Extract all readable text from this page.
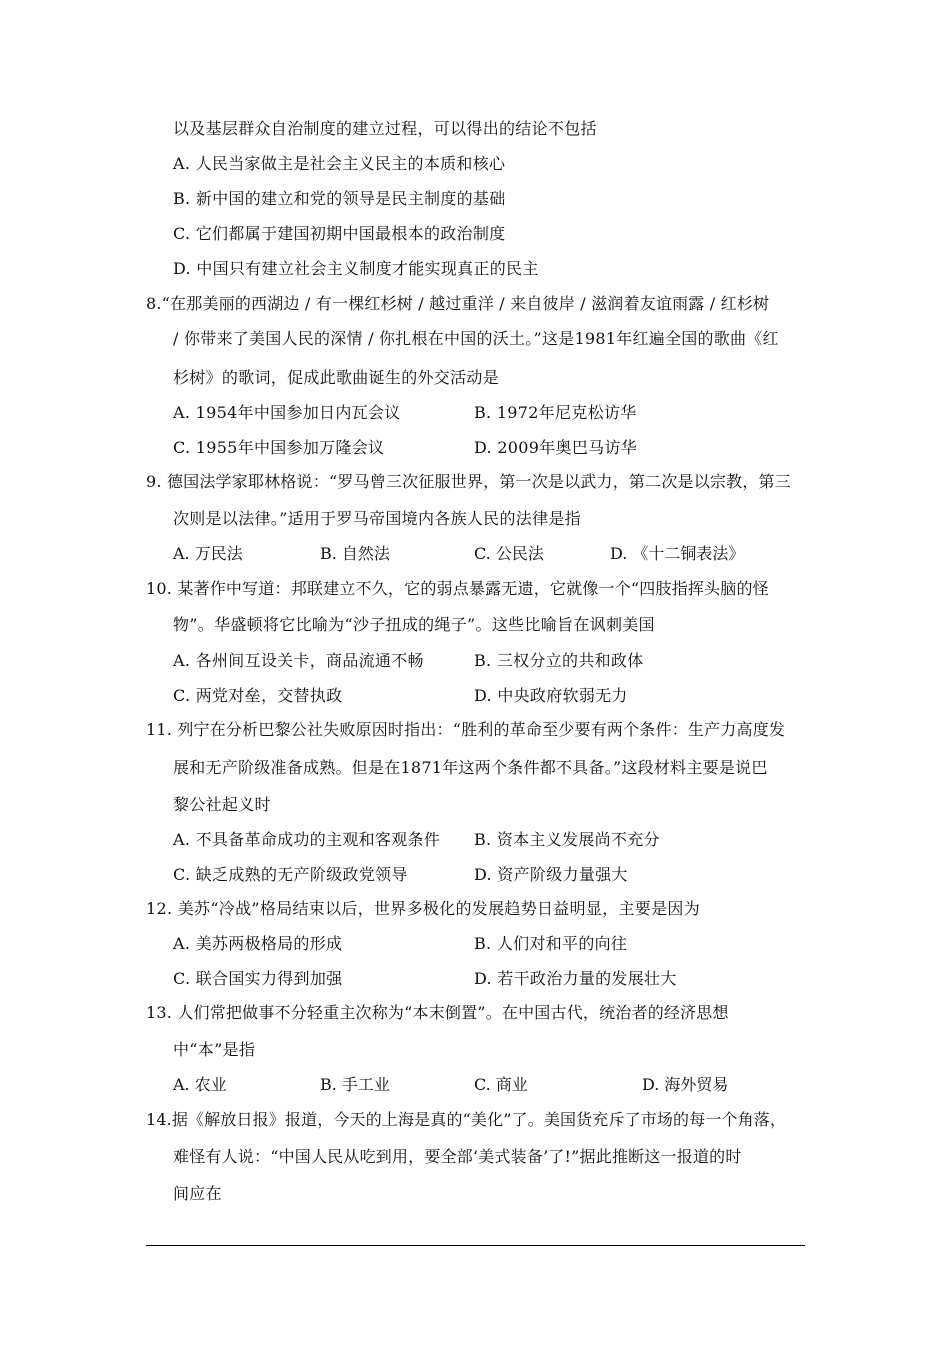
以及基层群众自治制度的建立过程，可以得出的结论不包括
A. 人民当家做主是社会主义民主的本质和核心
B. 新中国的建立和党的领导是民主制度的基础
C. 它们都属于建国初期中国最根本的政治制度
D. 中国只有建立社会主义制度才能实现真正的民主
8.“在那美丽的西湖边 / 有一棵红杉树 / 越过重洋 / 来自彼岸 / 滋润着友谊雨露 / 红杉树
/ 你带来了美国人民的深情 / 你扎根在中国的沃土。”这是1981年红遍全国的歌曲《红
杉树》的歌词，促成此歌曲诞生的外交活动是
A. 1954年中国参加日内瓦会议	B. 1972年尼克松访华
C. 1955年中国参加万隆会议	D. 2009年奥巴马访华
9. 德国法学家耶林格说：“罗马曾三次征服世界，第一次是以武力，第二次是以宗教，第三
次则是以法律。”适用于罗马帝国境内各族人民的法律是指
A. 万民法	B. 自然法	C. 公民法	D. 《十二铜表法》
10. 某著作中写道：邦联建立不久，它的弱点暴露无遗，它就像一个“四肢指挥头脑的怪
物”。华盛顿将它比喻为“沙子扭成的绳子”。这些比喻旨在讽刺美国
A. 各州间互设关卡，商品流通不畅	B. 三权分立的共和政体
C. 两党对垒，交替执政	D. 中央政府软弱无力
11. 列宁在分析巴黎公社失败原因时指出：“胜利的革命至少要有两个条件：生产力高度发
展和无产阶级准备成熟。但是在1871年这两个条件都不具备。”这段材料主要是说巴
黎公社起义时
A. 不具备革命成功的主观和客观条件 B. 资本主义发展尚不充分
C. 缺乏成熟的无产阶级政党领导	D. 资产阶级力量强大
12. 美苏“冷战”格局结束以后，世界多极化的发展趋势日益明显，主要是因为
A. 美苏两极格局的形成	B. 人们对和平的向往
C. 联合国实力得到加强	D. 若干政治力量的发展壮大
13. 人们常把做事不分轻重主次称为“本末倒置”。在中国古代，统治者的经济思想
中“本”是指
A. 农业	B. 手工业	C. 商业	D. 海外贸易
14.据《解放日报》报道，今天的上海是真的“美化”了。美国货充斥了市场的每一个角落，
难怪有人说：“中国人民从吃到用，要全部‘美式装备’了!”据此推断这一报道的时
间应在
